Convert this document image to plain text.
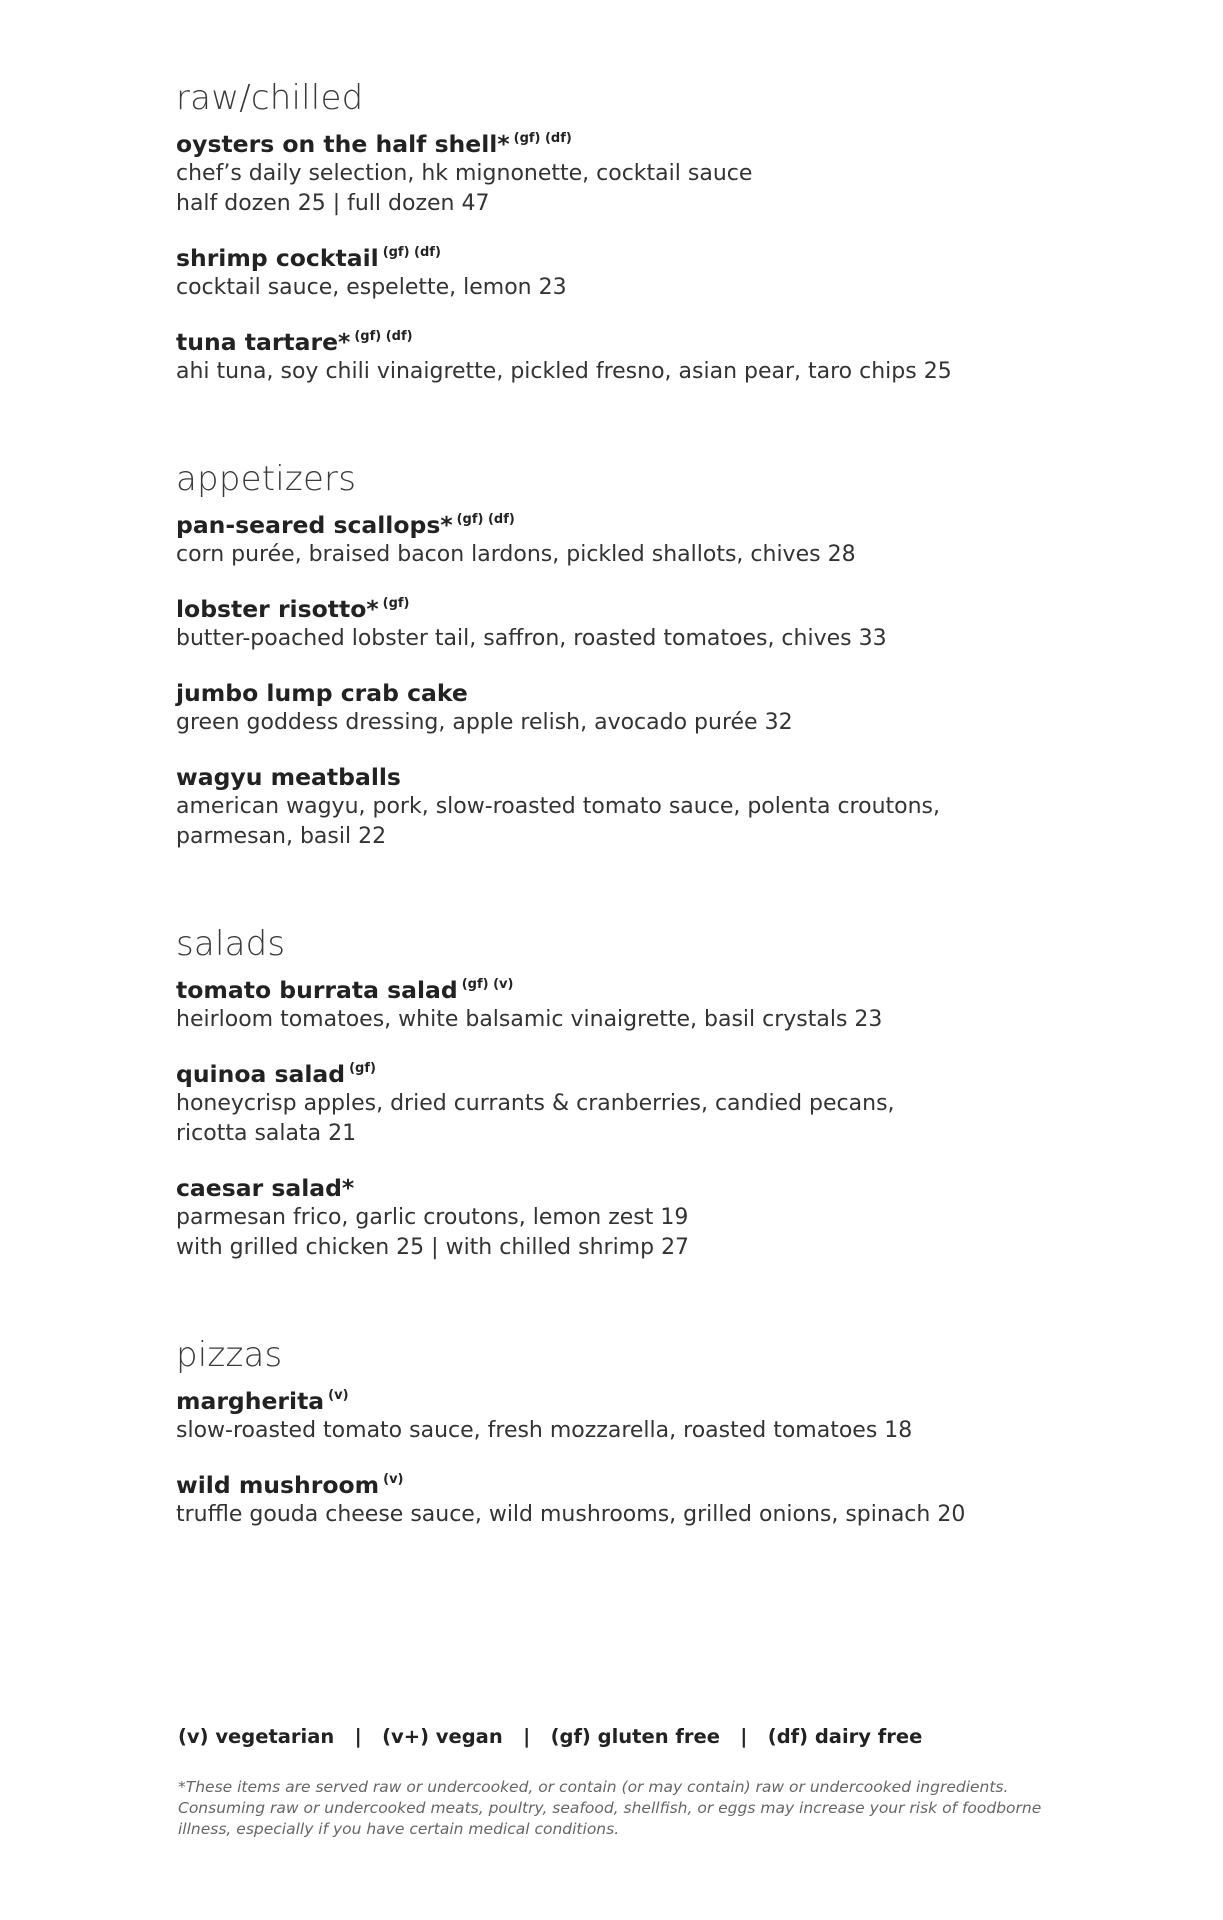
raw/chilled
oysters on the half shell* $^{(gf) (df)}$
chef’s daily selection, hk mignonette, cocktail sauce
half dozen 25 | full dozen 47
shrimp cocktail $^{(gf) (df)}$
cocktail sauce, espelette, lemon 23
tuna tartare* $^{(gf) (df)}$
ahi tuna, soy chili vinaigrette, pickled fresno, asian pear, taro chips 25
appetizers
pan-seared scallops* $^{(gf) (df)}$
corn purée, braised bacon lardons, pickled shallots, chives 28
lobster risotto* $^{(gf)}$
butter-poached lobster tail, saffron, roasted tomatoes, chives 33
jumbo lump crab cake
green goddess dressing, apple relish, avocado purée 32
wagyu meatballs
american wagyu, pork, slow-roasted tomato sauce, polenta croutons,
parmesan, basil 22
salads
tomato burrata salad $^{(gf) (v)}$
heirloom tomatoes, white balsamic vinaigrette, basil crystals 23
quinoa salad $^{(gf)}$
honeycrisp apples, dried currants & cranberries, candied pecans,
ricotta salata 21
caesar salad*
parmesan frico, garlic croutons, lemon zest 19
with grilled chicken 25 | with chilled shrimp 27
pizzas
margherita $^{(v)}$
slow-roasted tomato sauce, fresh mozzarella, roasted tomatoes 18
wild mushroom $^{(v)}$
truffle gouda cheese sauce, wild mushrooms, grilled onions, spinach 20
(v) vegetarian   |   (v+) vegan   |   (gf) gluten free   |   (df) dairy free
*These items are served raw or undercooked, or contain (or may contain) raw or undercooked ingredients. Consuming raw or undercooked meats, poultry, seafood, shellfish, or eggs may increase your risk of foodborne illness, especially if you have certain medical conditions.
